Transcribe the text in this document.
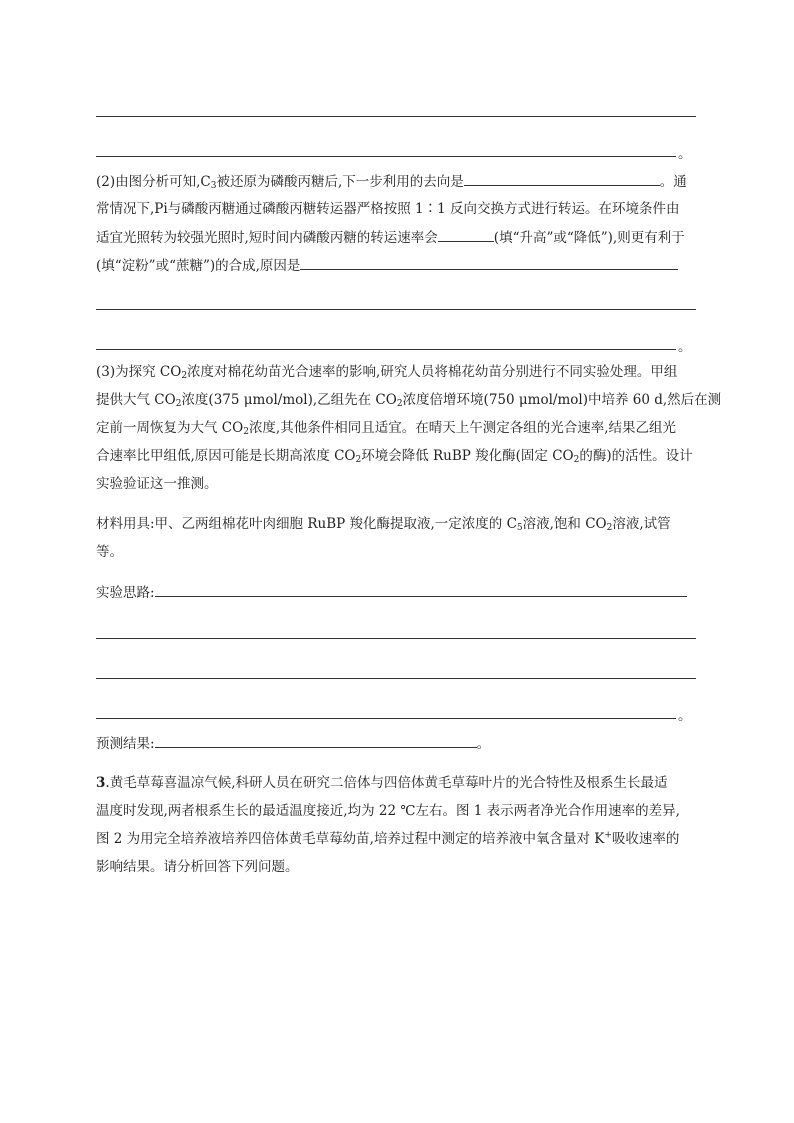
。
(2)由图分析可知$,C_3$被还原为磷酸丙糖后,下一步利用的去向是	。通
常情况下,Pi与磷酸丙糖通过磷酸丙糖转运器严格按照 1∶1 反向交换方式进行转运。在环境条件由
适宜光照转为较强光照时,短时间内磷酸丙糖的转运速率会	(填“升高”或“降低”),则更有利于
(填“淀粉”或“蔗糖”)的合成,原因是
。
(3)为探究 $CO_2$浓度对棉花幼苗光合速率的影响,研究人员将棉花幼苗分别进行不同实验处理。甲组
提供大气 $CO_2$浓度(375 μmol/mol),乙组先在 $CO_2$浓度倍增环境(750 μmol/mol)中培养 60 d,然后在测
定前一周恢复为大气 $CO_2$浓度,其他条件相同且适宜。在晴天上午测定各组的光合速率,结果乙组光
合速率比甲组低,原因可能是长期高浓度 $CO_2$环境会降低 RuBP 羧化酶(固定 $CO_2$的酶)的活性。设计
实验验证这一推测。
材料用具:甲、乙两组棉花叶肉细胞 RuBP 羧化酶提取液,一定浓度的 $C_5$溶液,饱和 $CO_2$溶液,试管
等。
实验思路:
。
预测结果:	。
3.黄毛草莓喜温凉气候,科研人员在研究二倍体与四倍体黄毛草莓叶片的光合特性及根系生长最适
温度时发现,两者根系生长的最适温度接近,均为 22 ℃左右。图 1 表示两者净光合作用速率的差异,
图 2 为用完全培养液培养四倍体黄毛草莓幼苗,培养过程中测定的培养液中氧含量对 K+吸收速率的
影响结果。请分析回答下列问题。
